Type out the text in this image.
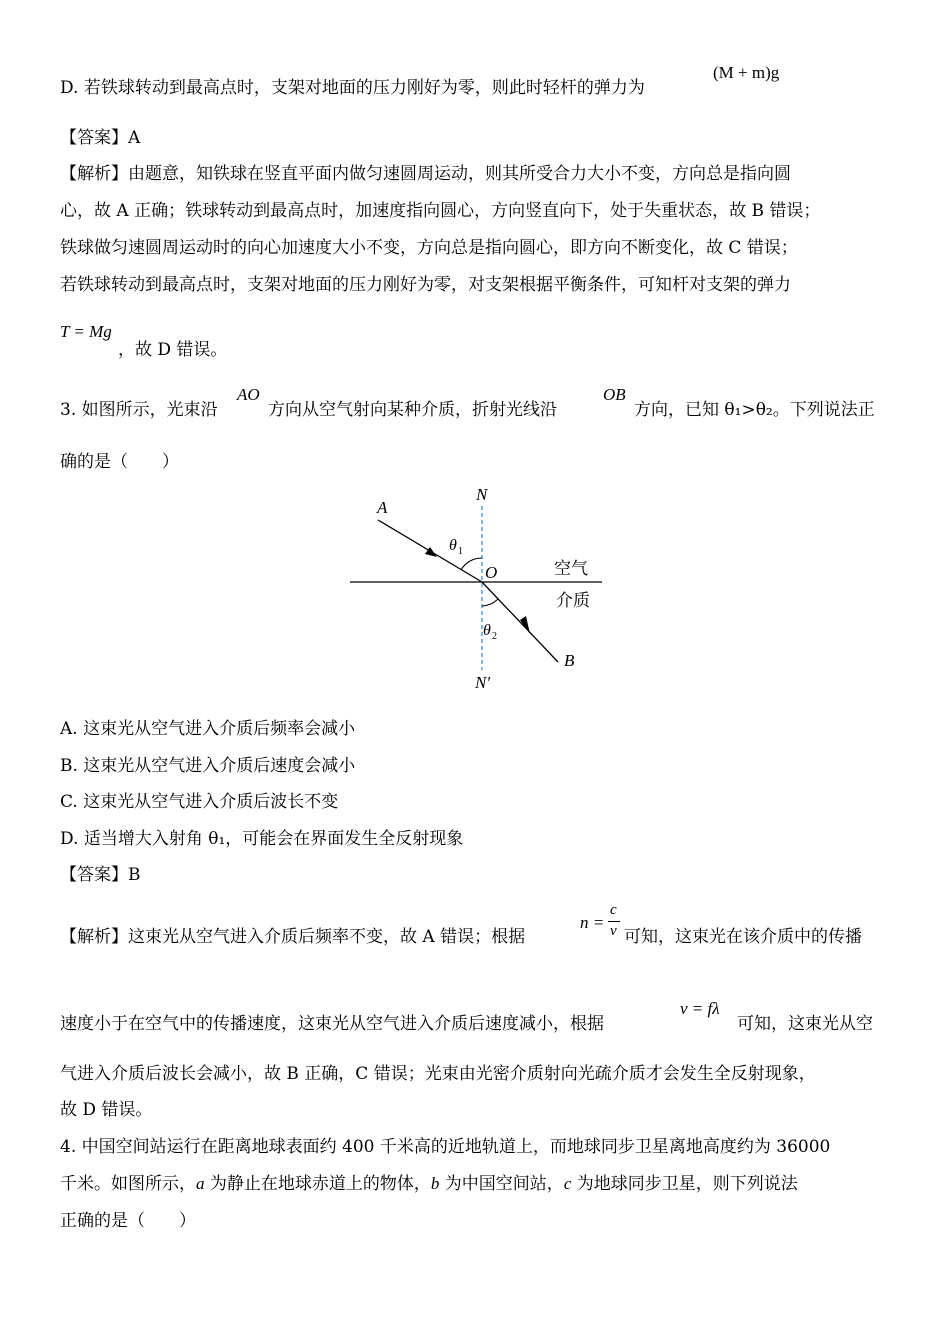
D. 若铁球转动到最高点时，支架对地面的压力刚好为零，则此时轻杆的弹力为
(M + m)g
【答案】A
【解析】由题意，知铁球在竖直平面内做匀速圆周运动，则其所受合力大小不变，方向总是指向圆
心，故 A 正确；铁球转动到最高点时，加速度指向圆心，方向竖直向下，处于失重状态，故 B 错误；
铁球做匀速圆周运动时的向心加速度大小不变，方向总是指向圆心，即方向不断变化，故 C 错误；
若铁球转动到最高点时，支架对地面的压力刚好为零，对支架根据平衡条件，可知杆对支架的弹力
T = Mg
，故 D 错误。
3. 如图所示，光束沿
AO
方向从空气射向某种介质，折射光线沿
OB
方向，已知 θ₁>θ₂。下列说法正
确的是（　　）
N
N′
A
B
O
θ 1
θ 2
空气
介质
A. 这束光从空气进入介质后频率会减小
B. 这束光从空气进入介质后速度会减小
C. 这束光从空气进入介质后波长不变
D. 适当增大入射角 θ₁，可能会在界面发生全反射现象
【答案】B
【解析】这束光从空气进入介质后频率不变，故 A 错误；根据
n =
c
v 可知，这束光在该介质中的传播
速度小于在空气中的传播速度，这束光从空气进入介质后速度减小，根据
v = fλ
可知，这束光从空
气进入介质后波长会减小，故 B 正确，C 错误；光束由光密介质射向光疏介质才会发生全反射现象，
故 D 错误。
4. 中国空间站运行在距离地球表面约 400 千米高的近地轨道上，而地球同步卫星离地高度约为 36000
千米。如图所示，a 为静止在地球赤道上的物体，b 为中国空间站，c 为地球同步卫星，则下列说法
正确的是（　　）
